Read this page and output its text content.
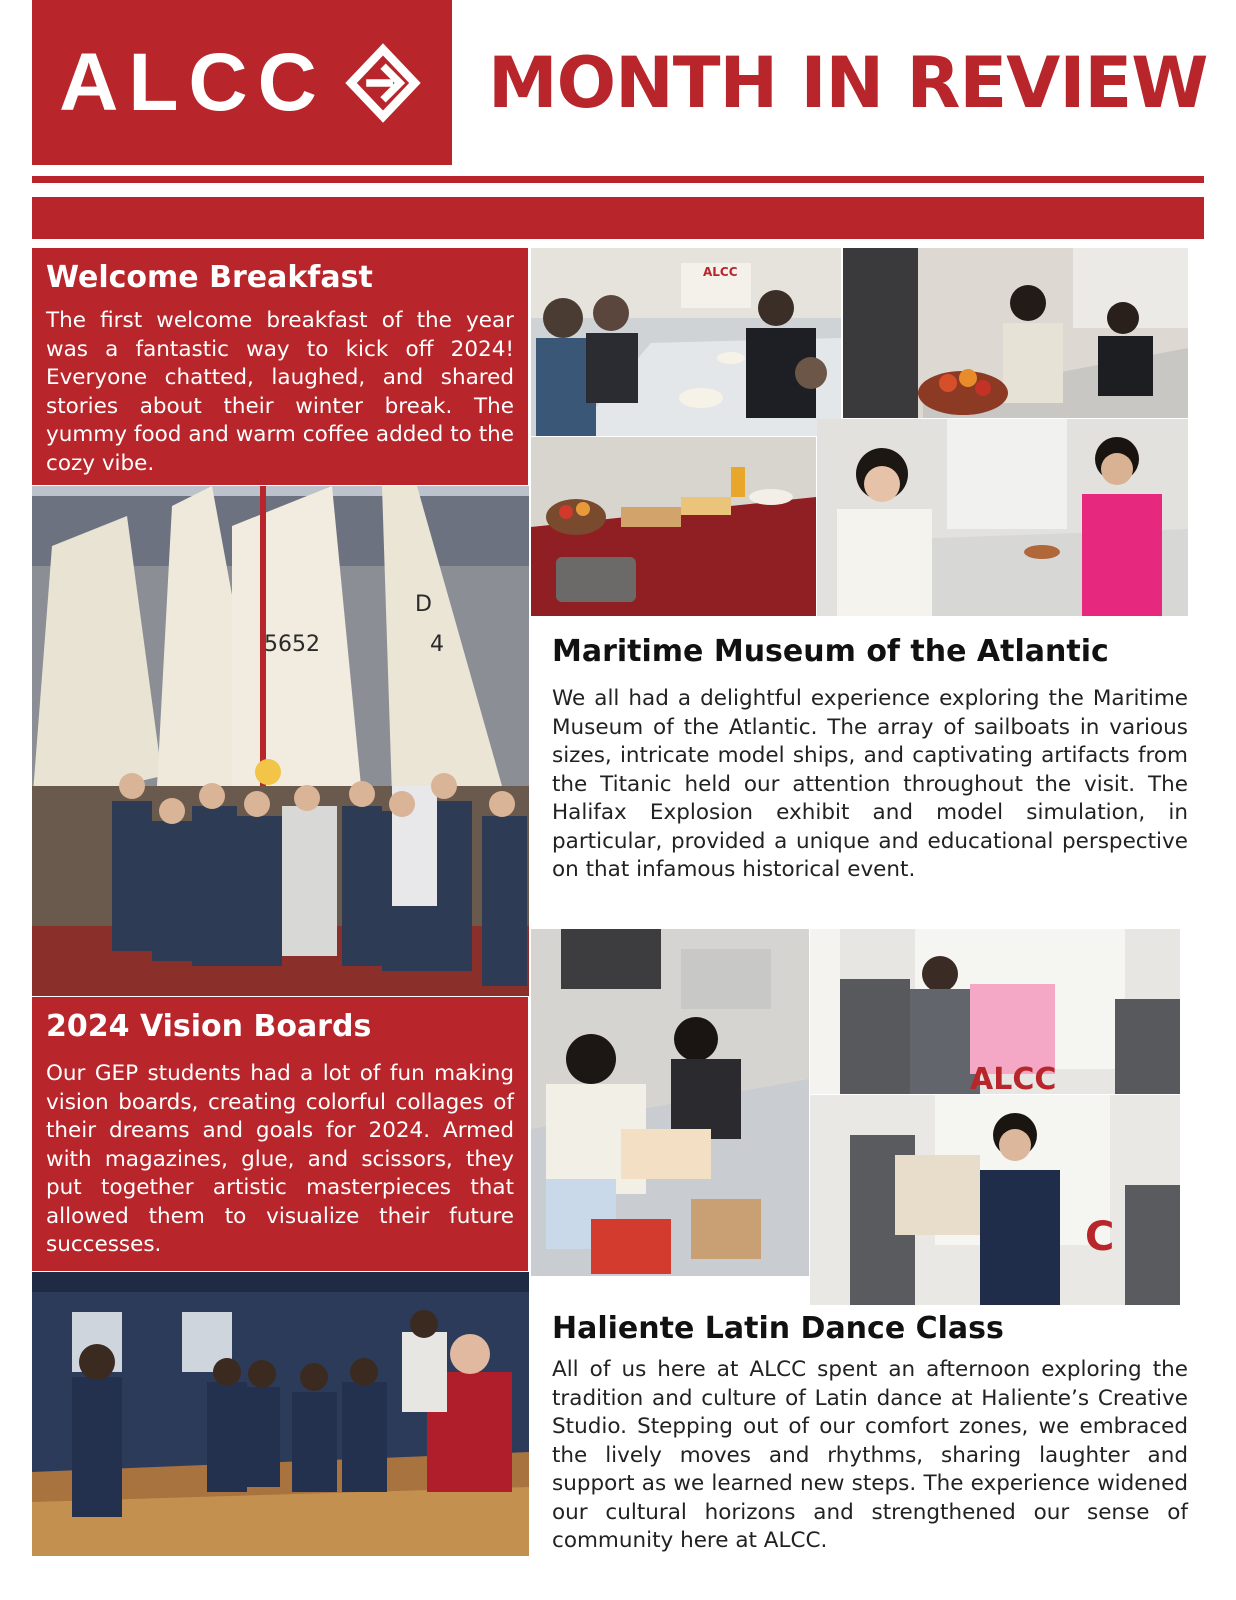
ALCC MONTH IN REVIEW
Welcome Breakfast
The first welcome breakfast of the year was a fantastic way to kick off 2024! Everyone chatted, laughed, and shared stories about their winter break. The yummy food and warm coffee added to the cozy vibe.
ALCC
5652
D
4	Maritime Museum of the Atlantic
We all had a delightful experience exploring the Maritime Museum of the Atlantic. The array of sailboats in various sizes, intricate model ships, and captivating artifacts from the Titanic held our attention throughout the visit. The Halifax Explosion exhibit and model simulation, in particular, provided a unique and educational perspective on that infamous historical event.
ALCC
C
2024 Vision Boards
Our GEP students had a lot of fun making vision boards, creating colorful collages of their dreams and goals for 2024. Armed with magazines, glue, and scissors, they put together artistic masterpieces that allowed them to visualize their future successes.
Haliente Latin Dance Class
All of us here at ALCC spent an afternoon exploring the tradition and culture of Latin dance at Haliente’s Creative Studio. Stepping out of our comfort zones, we embraced the lively moves and rhythms, sharing laughter and support as we learned new steps. The experience widened our cultural horizons and strengthened our sense of community here at ALCC.
